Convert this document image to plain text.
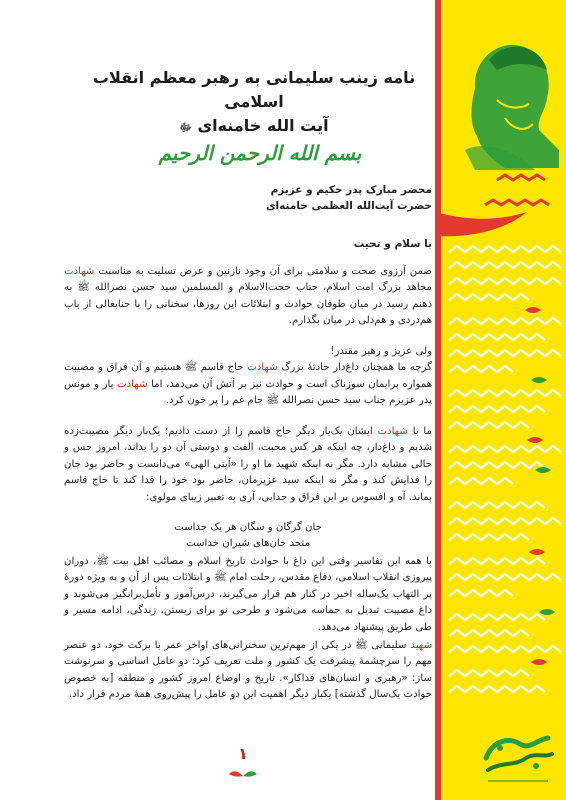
نامه زینب سلیمانی به رهبر معظم انقلاب اسلامی
آیت الله خامنه‌ای ﷻ
بسم الله الرحمن الرحیم
محضر مبارک پدر حکیم و عزیزم
حضرت آیت‌الله العظمی خامنه‌ای
با سلام و تحیت
ضمن آرزوی صحت و سلامتی برای آن وجود نازنین و عرض تسلیت به مناسبت شهادت مجاهد بزرگ امت اسلام، جناب حجت‌الاسلام و المسلمین سید حسن نصرالله ﷺ به ذهنم رسید در میان طوفان حوادث و ابتلائات این روزها، سخنانی را با جنابعالی از باب هم‌دردی و هم‌دلی در میان بگذارم.
ولی عزیز و رهبر مقتدر!
گرچه ما همچنان داغ‌دار حادثهٔ بزرگ شهادت حاج قاسم ﷺ هستیم و آن فراق و مصیبت همواره برایمان سوزناک است و حوادث نیز بر آتش آن می‌دمد، اما شهادت یار و مونس پدر عزیزم جناب سید حسن نصرالله ﷺ جام غم را پر خون کرد.
ما با شهادت ایشان یک‌بار دیگر حاج قاسم را از دست دادیم؛ یک‌بار دیگر مصیبت‌زده شدیم و داغ‌دار، چه اینکه هر کس محبت، الفت و دوستی آن دو را بداند، امروز حس و حالی مشابه دارد. مگر نه اینکه شهید ما او را «آیتی الهی» می‌دانست و حاضر بود جان را فدایش کند و مگر نه اینکه سید عزیزمان، حاضر بود خود را فدا کند تا حاج قاسم بماند. آه و افسوس بر این فراق و جدایی، آری به تعبیر زیبای مولوی:
جان گرگان و سگان هر یک جداست
متحد جان‌های شیران خداست
با همه این تفاسیر وقتی این داغ با حوادث تاریخ اسلام و مصائب اهل بیت ﷺ، دوران پیروزی انقلاب اسلامی، دفاع مقدس، رحلت امام ﷺ و ابتلائات پس از آن و به ویژه دورۀ پر التهاب یک‌ساله اخیر در کنار هم قرار می‌گیرند، درس‌آموز و تأمل‌برانگیز می‌شوند و داغ مصیبت تبدیل به حماسه می‌شود و طرحی نو برای زیستن، زندگی، ادامه مسیر و طی طریق پیشنهاد می‌دهد.
شهید سلیمانی ﷺ در یکی از مهم‌ترین سخنرانی‌های اواخر عمر با برکت خود، دو عنصر مهم را سرچشمهٔ پیشرفت یک کشور و ملت تعریف کرد: دو عامل اساسی و سرنوشت ساز: «رهبری و انسان‌های فداکار». تاریخ و اوضاع امروز کشور و منطقه [به خصوص حوادث یک‌سال گذشته] یکبار دیگر اهمیت این دو عامل را پیش‌روی همهٔ مردم قرار داد.
۱
